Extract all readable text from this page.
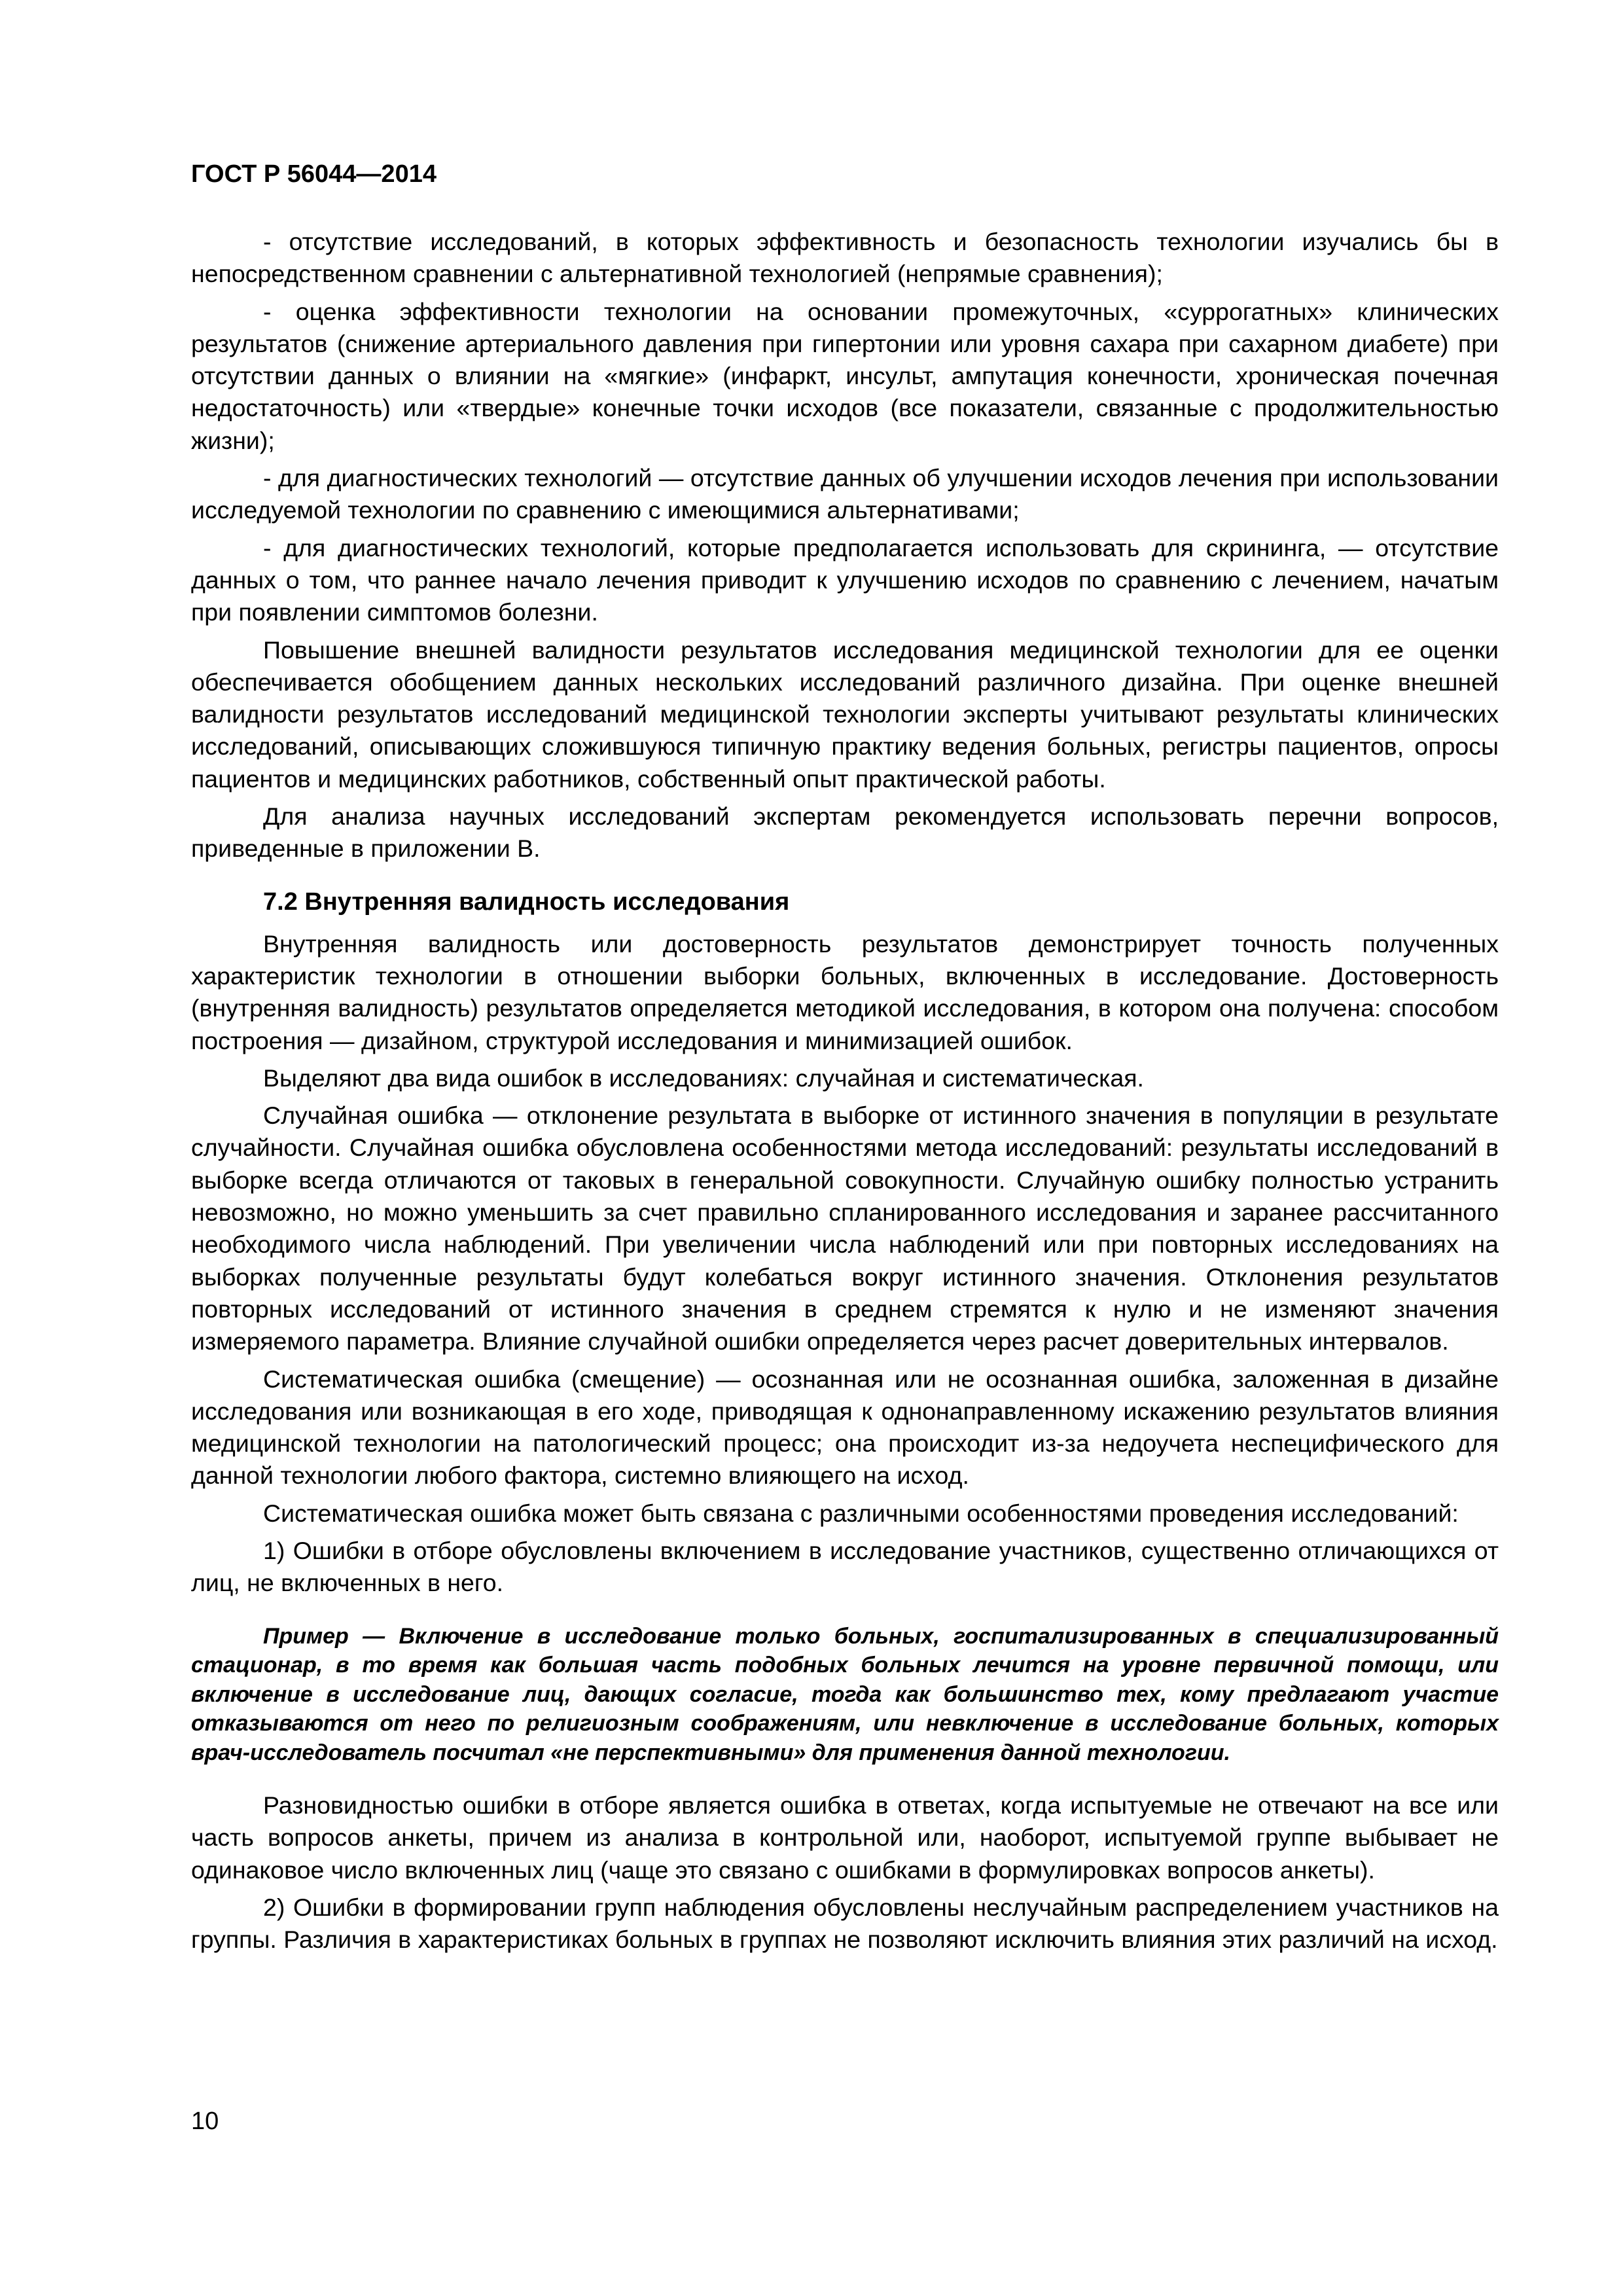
ГОСТ Р 56044—2014

- отсутствие исследований, в которых эффективность и безопасность технологии изучались бы в непосредственном сравнении с альтернативной технологией (непрямые сравнения);

- оценка эффективности технологии на основании промежуточных, «суррогатных» клинических результатов (снижение артериального давления при гипертонии или уровня сахара при сахарном диабете) при отсутствии данных о влиянии на «мягкие» (инфаркт, инсульт, ампутация конечности, хроническая почечная недостаточность) или «твердые» конечные точки исходов (все показатели, связанные с продолжительностью жизни);

- для диагностических технологий — отсутствие данных об улучшении исходов лечения при использовании исследуемой технологии по сравнению с имеющимися альтернативами;

- для диагностических технологий, которые предполагается использовать для скрининга, — отсутствие данных о том, что раннее начало лечения приводит к улучшению исходов по сравнению с лечением, начатым при появлении симптомов болезни.

Повышение внешней валидности результатов исследования медицинской технологии для ее оценки обеспечивается обобщением данных нескольких исследований различного дизайна. При оценке внешней валидности результатов исследований медицинской технологии эксперты учитывают результаты клинических исследований, описывающих сложившуюся типичную практику ведения больных, регистры пациентов, опросы пациентов и медицинских работников, собственный опыт практической работы.

Для анализа научных исследований экспертам рекомендуется использовать перечни вопросов, приведенные в приложении В.

7.2 Внутренняя валидность исследования

Внутренняя валидность или достоверность результатов демонстрирует точность полученных характеристик технологии в отношении выборки больных, включенных в исследование. Достоверность (внутренняя валидность) результатов определяется методикой исследования, в котором она получена: способом построения — дизайном, структурой исследования и минимизацией ошибок.

Выделяют два вида ошибок в исследованиях: случайная и систематическая.

Случайная ошибка — отклонение результата в выборке от истинного значения в популяции в результате случайности. Случайная ошибка обусловлена особенностями метода исследований: результаты исследований в выборке всегда отличаются от таковых в генеральной совокупности. Случайную ошибку полностью устранить невозможно, но можно уменьшить за счет правильно спланированного исследования и заранее рассчитанного необходимого числа наблюдений. При увеличении числа наблюдений или при повторных исследованиях на выборках полученные результаты будут колебаться вокруг истинного значения. Отклонения результатов повторных исследований от истинного значения в среднем стремятся к нулю и не изменяют значения измеряемого параметра. Влияние случайной ошибки определяется через расчет доверительных интервалов.

Систематическая ошибка (смещение) — осознанная или не осознанная ошибка, заложенная в дизайне исследования или возникающая в его ходе, приводящая к однонаправленному искажению результатов влияния медицинской технологии на патологический процесс; она происходит из-за недоучета неспецифического для данной технологии любого фактора, системно влияющего на исход.

Систематическая ошибка может быть связана с различными особенностями проведения исследований:

1) Ошибки в отборе обусловлены включением в исследование участников, существенно отличающихся от лиц, не включенных в него.

Пример — Включение в исследование только больных, госпитализированных в специализированный стационар, в то время как большая часть подобных больных лечится на уровне первичной помощи, или включение в исследование лиц, дающих согласие, тогда как большинство тех, кому предлагают участие отказываются от него по религиозным соображениям, или невключение в исследование больных, которых врач-исследователь посчитал «не перспективными» для применения данной технологии.

Разновидностью ошибки в отборе является ошибка в ответах, когда испытуемые не отвечают на все или часть вопросов анкеты, причем из анализа в контрольной или, наоборот, испытуемой группе выбывает не одинаковое число включенных лиц (чаще это связано с ошибками в формулировках вопросов анкеты).

2) Ошибки в формировании групп наблюдения обусловлены неслучайным распределением участников на группы. Различия в характеристиках больных в группах не позволяют исключить влияния этих различий на исход.

10
